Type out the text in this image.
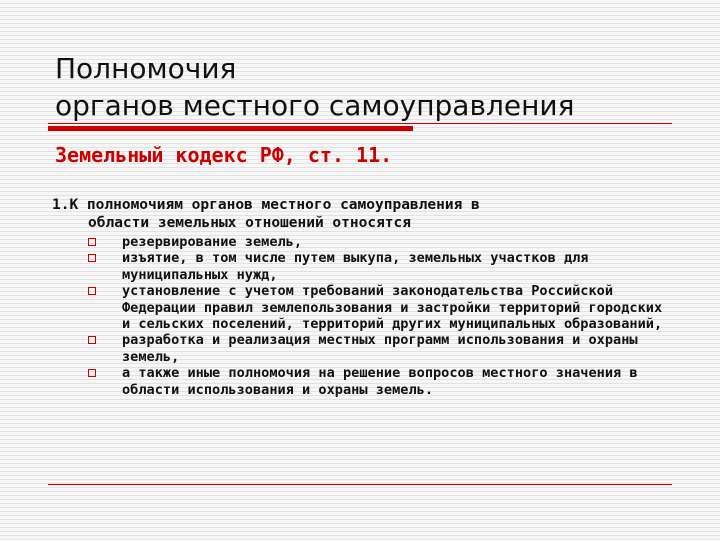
Полномочия
органов местного самоуправления

Земельный кодекс РФ, ст. 11.

1.К полномочиям органов местного самоуправления в
области земельных отношений относятся
резервирование земель,
изъятие, в том числе путем выкупа, земельных участков для муниципальных нужд,
установление с учетом требований законодательства Российской Федерации правил землепользования и застройки территорий городских и сельских поселений, территорий других муниципальных образований,
разработка и реализация местных программ использования и охраны земель,
а также иные полномочия на решение вопросов местного значения в области использования и охраны земель.
